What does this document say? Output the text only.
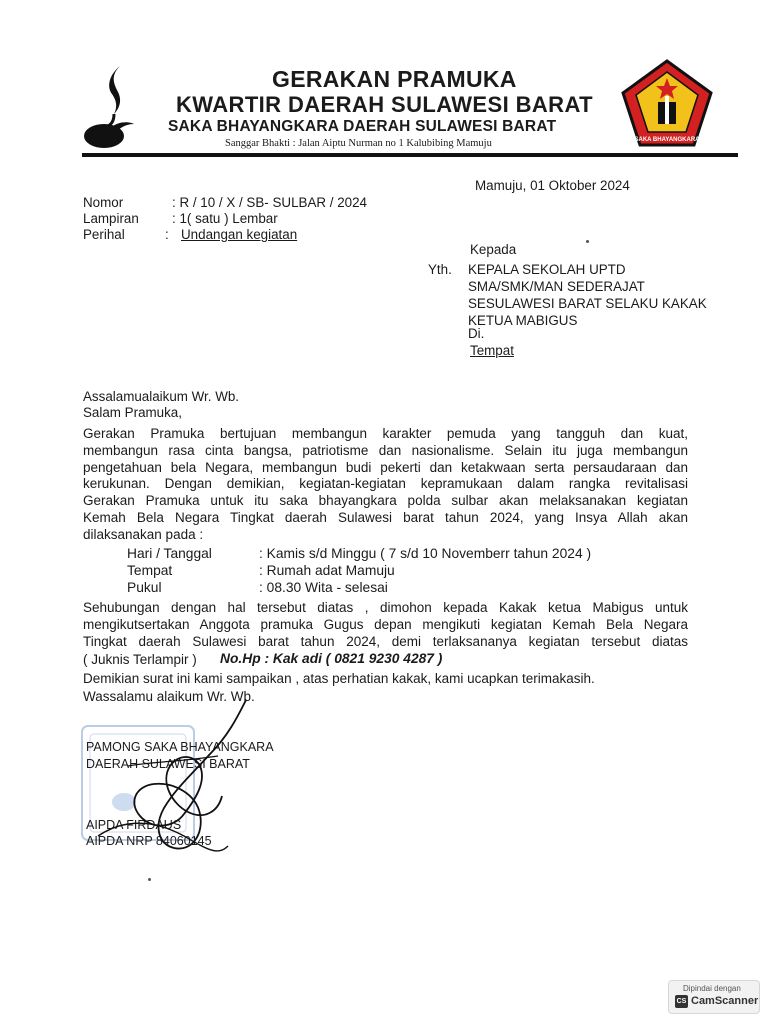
GERAKAN PRAMUKA
KWARTIR DAERAH SULAWESI BARAT
SAKA BHAYANGKARA DAERAH SULAWESI BARAT
Sanggar Bhakti : Jalan Aiptu Nurman no 1 Kalubibing Mamuju	SAKA BHAYANGKARA
Mamuju, 01 Oktober 2024
Nomor	: R / 10 / X / SB- SULBAR / 2024
Lampiran : 1( satu ) Lembar
Perihal	: Undangan kegiatan
Kepada
Yth. KEPALA SEKOLAH UPTD
SMA/SMK/MAN SEDERAJAT
SESULAWESI BARAT SELAKU KAKAK
KETUA MABIGUS
Di.
Tempat
Assalamualaikum Wr. Wb.
Salam Pramuka,
Gerakan Pramuka bertujuan membangun karakter pemuda yang tangguh dan kuat,
membangun rasa cinta bangsa, patriotisme dan nasionalisme. Selain itu juga membangun
pengetahuan bela Negara, membangun budi pekerti dan ketakwaan serta persaudaraan dan
kerukunan. Dengan demikian, kegiatan-kegiatan kepramukaan dalam rangka revitalisasi
Gerakan Pramuka untuk itu saka bhayangkara polda sulbar akan melaksanakan kegiatan
Kemah Bela Negara Tingkat daerah Sulawesi barat tahun 2024, yang Insya Allah akan
dilaksanakan pada :
Hari / Tanggal	: Kamis s/d Minggu ( 7 s/d 10 Novemberr tahun 2024 )
Tempat	: Rumah adat Mamuju
Pukul	: 08.30 Wita - selesai
Sehubungan dengan hal tersebut diatas , dimohon kepada Kakak ketua Mabigus untuk
mengikutsertakan Anggota pramuka Gugus depan mengikuti kegiatan Kemah Bela Negara
Tingkat daerah Sulawesi barat tahun 2024, demi terlaksananya kegiatan tersebut diatas
( Juknis Terlampir ) No.Hp : Kak adi ( 0821 9230 4287 )
Demikian surat ini kami sampaikan , atas perhatian kakak, kami ucapkan terimakasih.
Wassalamu alaikum Wr. Wb.
PAMONG SAKA BHAYANGKARA
DAERAH SULAWESI BARAT
AIPDA FIRDAUS
AIPDA NRP 84060145
Dipindai dengan
CS CamScanner
